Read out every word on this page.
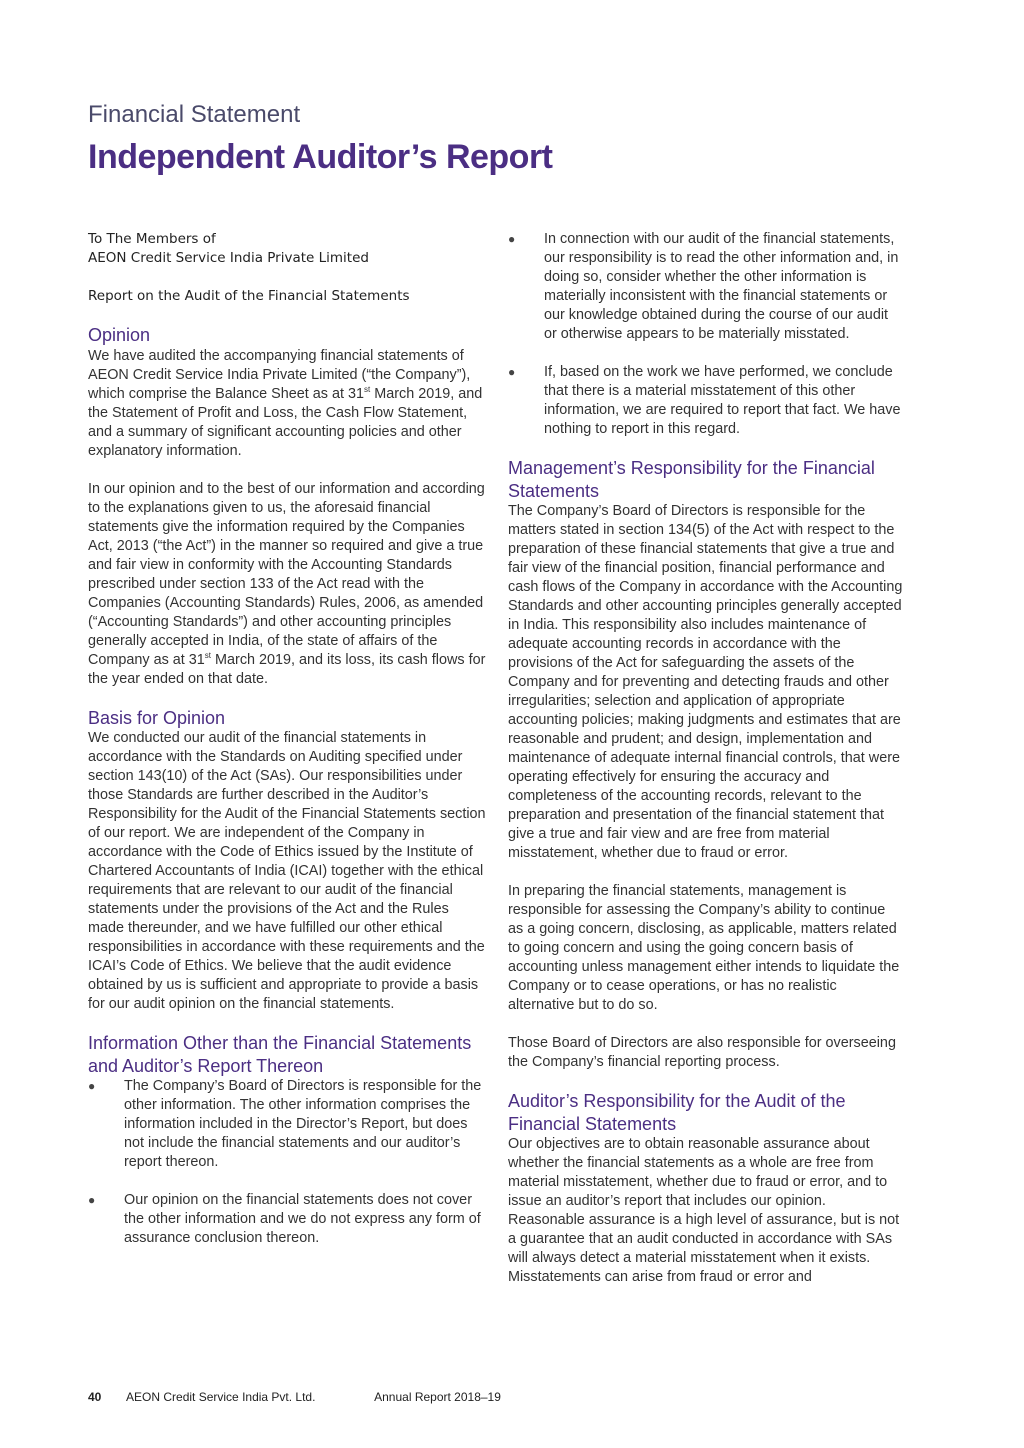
Financial Statement
Independent Auditor’s Report

To The Members of

AEON Credit Service India Private Limited

Report on the Audit of the Financial Statements

Opinion

We have audited the accompanying financial statements of AEON Credit Service India Private Limited (“the Company”), which comprise the Balance Sheet as at 31st March 2019, and the Statement of Profit and Loss, the Cash Flow Statement, and a summary of significant accounting policies and other explanatory information.

In our opinion and to the best of our information and according to the explanations given to us, the aforesaid financial statements give the information required by the Companies Act, 2013 (“the Act”) in the manner so required and give a true and fair view in conformity with the Accounting Standards prescribed under section 133 of the Act read with the Companies (Accounting Standards) Rules, 2006, as amended (“Accounting Standards”) and other accounting principles generally accepted in India, of the state of affairs of the Company as at 31st March 2019, and its loss, its cash flows for the year ended on that date.

Basis for Opinion

We conducted our audit of the financial statements in accordance with the Standards on Auditing specified under section 143(10) of the Act (SAs). Our responsibilities under those Standards are further described in the Auditor’s Responsibility for the Audit of the Financial Statements section of our report. We are independent of the Company in accordance with the Code of Ethics issued by the Institute of Chartered Accountants of India (ICAI) together with the ethical requirements that are relevant to our audit of the financial statements under the provisions of the Act and the Rules made thereunder, and we have fulfilled our other ethical responsibilities in accordance with these requirements and the ICAI’s Code of Ethics. We believe that the audit evidence obtained by us is sufficient and appropriate to provide a basis for our audit opinion on the financial statements.

Information Other than the Financial Statements and Auditor’s Report Thereon

● The Company’s Board of Directors is responsible for the other information. The other information comprises the information included in the Director’s Report, but does not include the financial statements and our auditor’s report thereon.

● Our opinion on the financial statements does not cover the other information and we do not express any form of assurance conclusion thereon.

● In connection with our audit of the financial statements, our responsibility is to read the other information and, in doing so, consider whether the other information is materially inconsistent with the financial statements or our knowledge obtained during the course of our audit or otherwise appears to be materially misstated.

● If, based on the work we have performed, we conclude that there is a material misstatement of this other information, we are required to report that fact. We have nothing to report in this regard.

Management’s Responsibility for the Financial Statements

The Company’s Board of Directors is responsible for the matters stated in section 134(5) of the Act with respect to the preparation of these financial statements that give a true and fair view of the financial position, financial performance and cash flows of the Company in accordance with the Accounting Standards and other accounting principles generally accepted in India. This responsibility also includes maintenance of adequate accounting records in accordance with the provisions of the Act for safeguarding the assets of the Company and for preventing and detecting frauds and other irregularities; selection and application of appropriate accounting policies; making judgments and estimates that are reasonable and prudent; and design, implementation and maintenance of adequate internal financial controls, that were operating effectively for ensuring the accuracy and completeness of the accounting records, relevant to the preparation and presentation of the financial statement that give a true and fair view and are free from material misstatement, whether due to fraud or error.

In preparing the financial statements, management is responsible for assessing the Company’s ability to continue as a going concern, disclosing, as applicable, matters related to going concern and using the going concern basis of accounting unless management either intends to liquidate the Company or to cease operations, or has no realistic alternative but to do so.

Those Board of Directors are also responsible for overseeing the Company’s financial reporting process.

Auditor’s Responsibility for the Audit of the Financial Statements

Our objectives are to obtain reasonable assurance about whether the financial statements as a whole are free from material misstatement, whether due to fraud or error, and to issue an auditor’s report that includes our opinion. Reasonable assurance is a high level of assurance, but is not a guarantee that an audit conducted in accordance with SAs will always detect a material misstatement when it exists. Misstatements can arise from fraud or error and

40 AEON Credit Service India Pvt. Ltd.	Annual Report 2018–19
